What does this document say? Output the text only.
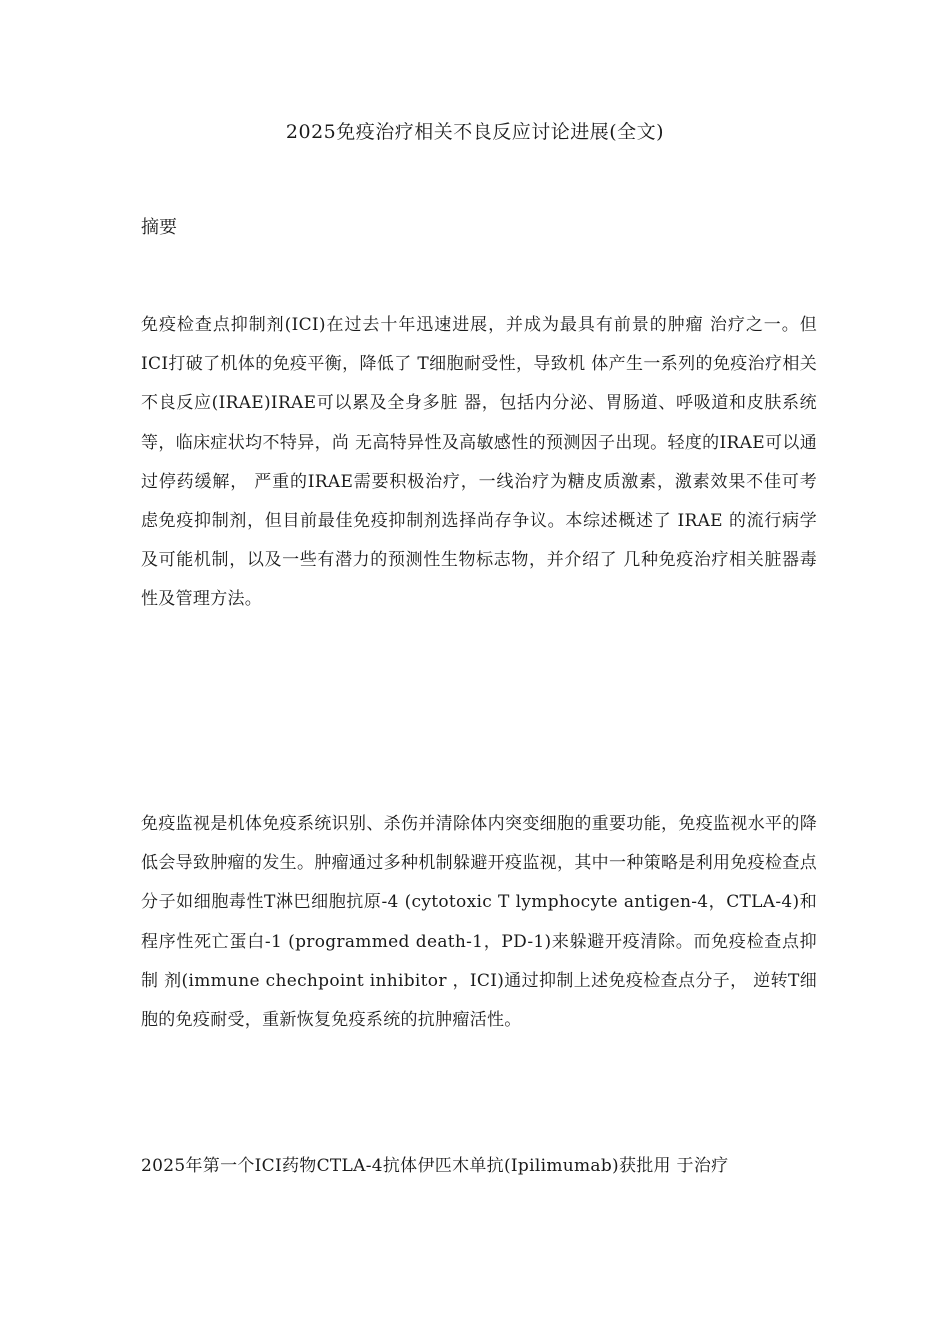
2025免疫治疗相关不良反应讨论进展(全文)
摘要
免疫检查点抑制剂(ICI)在过去十年迅速进展，并成为最具有前景的肿瘤 治疗之一。但ICI打破了机体的免疫平衡，降低了 T细胞耐受性，导致机 体产生一系列的免疫治疗相关不良反应(IRAE)IRAE可以累及全身多脏 器，包括内分泌、胃肠道、呼吸道和皮肤系统等，临床症状均不特异，尚 无高特异性及高敏感性的预测因子出现。轻度的IRAE可以通过停药缓解， 严重的IRAE需要积极治疗，一线治疗为糖皮质激素，激素效果不佳可考 虑免疫抑制剂，但目前最佳免疫抑制剂选择尚存争议。本综述概述了 IRAE 的流行病学及可能机制，以及一些有潜力的预测性生物标志物，并介绍了 几种免疫治疗相关脏器毒性及管理方法。
免疫监视是机体免疫系统识别、杀伤并清除体内突变细胞的重要功能，免疫监视水平的降低会导致肿瘤的发生。肿瘤通过多种机制躲避开疫监视，其中一种策略是利用免疫检查点分子如细胞毒性T淋巴细胞抗原-4 (cytotoxic T lymphocyte antigen-4，CTLA-4)和程序性死亡蛋白-1 (programmed death-1，PD-1)来躲避开疫清除。而免疫检查点抑制 剂(immune chechpoint inhibitor ，ICI)通过抑制上述免疫检查点分子， 逆转T细胞的免疫耐受，重新恢复免疫系统的抗肿瘤活性。
2025年第一个ICI药物CTLA-4抗体伊匹木单抗(Ipilimumab)获批用 于治疗
